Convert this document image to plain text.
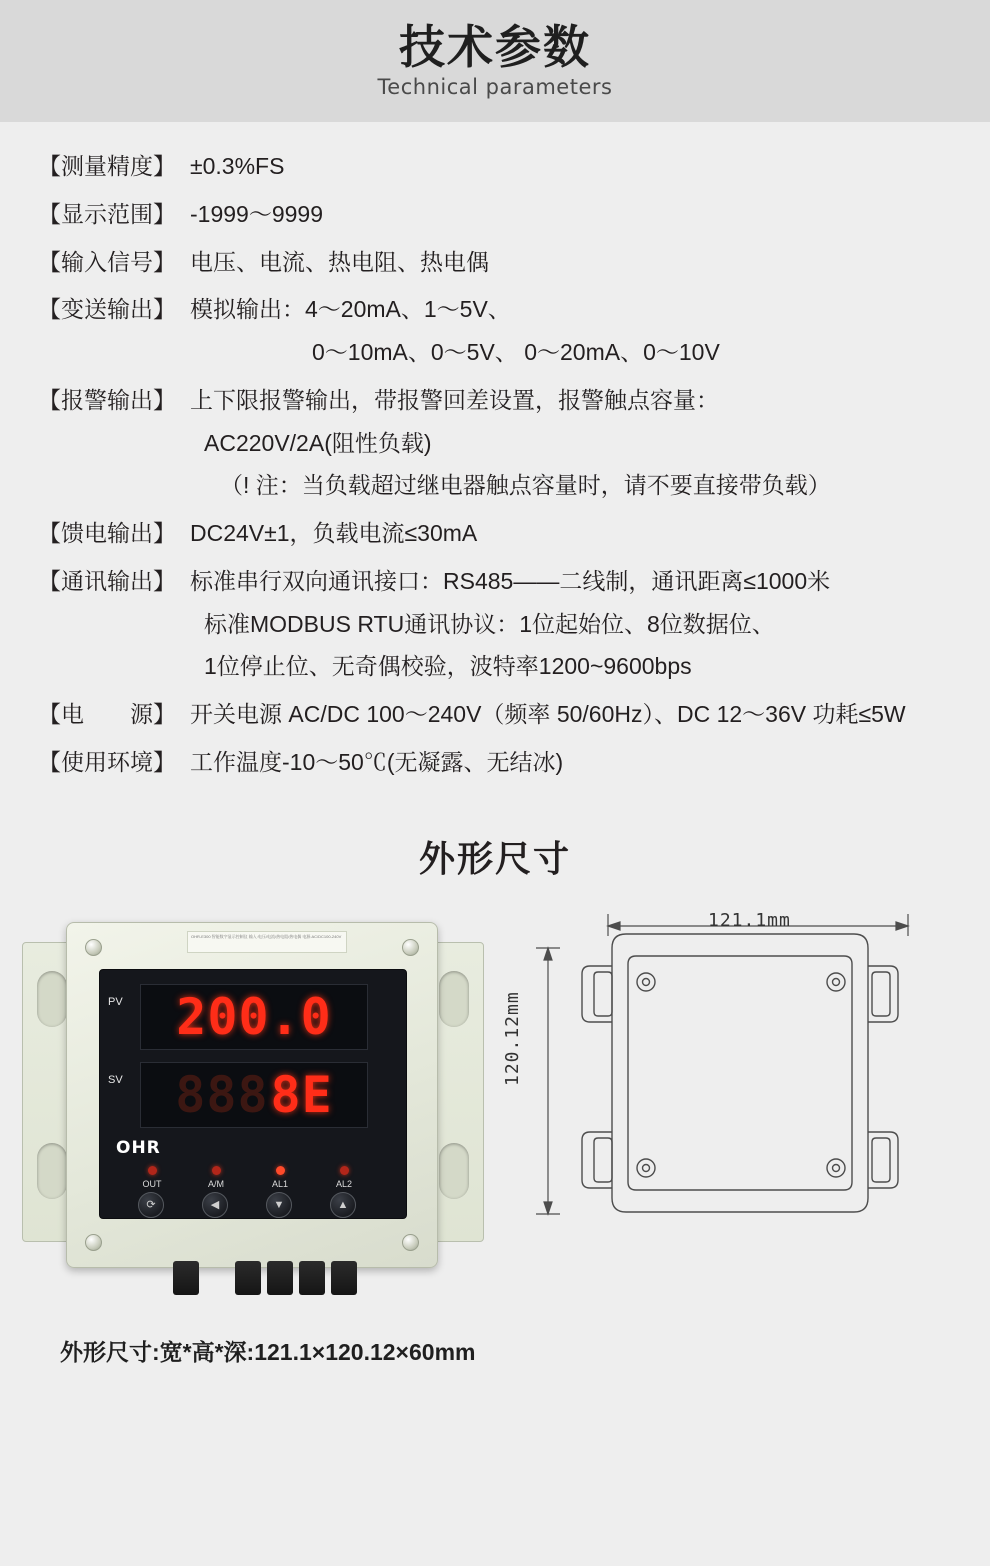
技术参数
Technical parameters
【测量精度】 ±0.3%FS
【显示范围】 -1999～9999
【输入信号】 电压、电流、热电阻、热电偶
【变送输出】 模拟输出：4～20mA、1～5V、
0～10mA、0～5V、 0～20mA、0～10V
【报警输出】 上下限报警输出，带报警回差设置，报警触点容量：
AC220V/2A(阻性负载)
（! 注：当负载超过继电器触点容量时，请不要直接带负载）
【馈电输出】 DC24V±1，负载电流≤30mA
【通讯输出】 标准串行双向通讯接口：RS485——二线制，通讯距离≤1000米
标准MODBUS RTU通讯协议：1位起始位、8位数据位、
1位停止位、无奇偶校验，波特率1200~9600bps
【电　　源】 开关电源 AC/DC 100～240V（频率 50/60Hz）、DC 12～36V 功耗≤5W
【使用环境】 工作温度-10～50℃(无凝露、无结冰)
外形尺寸
OHR-E300 智能数字显示控制仪 输入:电压/电流/热电阻/热电偶 电源:AC/DC100-240V
PV	200.0
SV 888 8E
OHR
OUT	A/M	AL1	AL2
⟳	◀	▼	▲
121.1mm
120.12mm
外形尺寸:宽*高*深:121.1×120.12×60mm
